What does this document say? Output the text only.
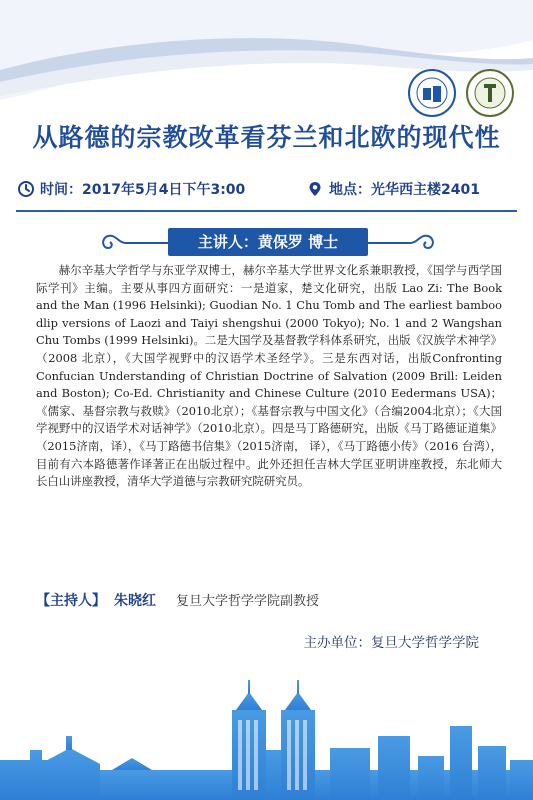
从路德的宗教改革看芬兰和北欧的现代性
时间：2017年5月4日下午3:00	地点：光华西主楼2401
主讲人：黄保罗 博士

赫尔辛基大学哲学与东亚学双博士，赫尔辛基大学世界文化系兼职教授，《国学与西学国际学刊》主编。主要从事四方面研究：一是道家，楚文化研究，出版 Lao Zi: The Book and the Man (1996 Helsinki); Guodian No. 1 Chu Tomb and The earliest bamboo dlip versions of Laozi and Taiyi shengshui (2000 Tokyo); No. 1 and 2 Wangshan Chu Tombs (1999 Helsinki)。二是大国学及基督教学科体系研究，出版《汉族学术神学》（2008 北京），《大国学视野中的汉语学术圣经学》。三是东西对话，出版Confronting Confucian Understanding of Christian Doctrine of Salvation (2009 Brill: Leiden and Boston); Co-Ed. Christianity and Chinese Culture (2010 Eedermans USA)；《儒家、基督宗教与救赎》（2010北京）；《基督宗教与中国文化》（合编2004北京）；《大国学视野中的汉语学术对话神学》（2010北京）。四是马丁路德研究，出版《马丁路德证道集》（2015济南，译），《马丁路德书信集》（2015济南， 译），《马丁路德小传》（2016 台湾），目前有六本路德著作译著正在出版过程中。此外还担任吉林大学匡亚明讲座教授，东北师大长白山讲座教授，清华大学道德与宗教研究院研究员。

【主持人】 朱晓红 复旦大学哲学学院副教授
主办单位：复旦大学哲学学院
